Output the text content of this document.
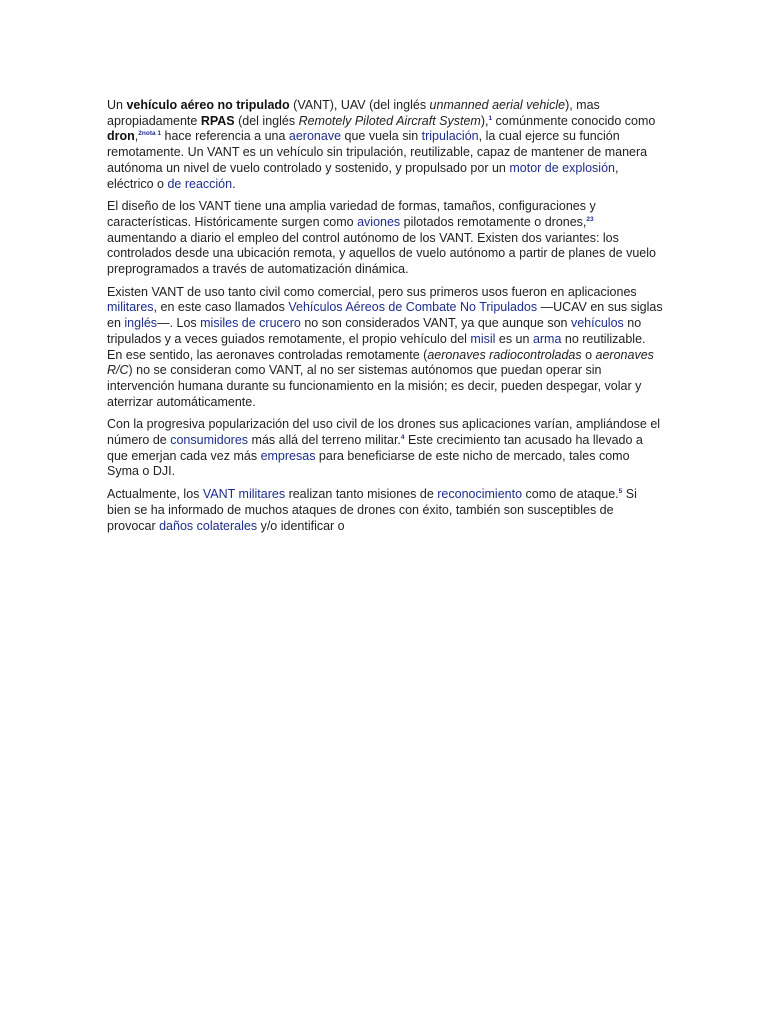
Un vehículo aéreo no tripulado (VANT), UAV (del inglés unmanned aerial vehicle), mas apropiadamente RPAS (del inglés Remotely Piloted Aircraft System),$^1$ comúnmente conocido como dron,$^{2nota 1}$ hace referencia a una aeronave que vuela sin tripulación, la cual ejerce su función remotamente. Un VANT es un vehículo sin tripulación, reutilizable, capaz de mantener de manera autónoma un nivel de vuelo controlado y sostenido, y propulsado por un motor de explosión, eléctrico o de reacción.

El diseño de los VANT tiene una amplia variedad de formas, tamaños, configuraciones y características. Históricamente surgen como aviones pilotados remotamente o drones,$^{23}$ aumentando a diario el empleo del control autónomo de los VANT. Existen dos variantes: los controlados desde una ubicación remota, y aquellos de vuelo autónomo a partir de planes de vuelo preprogramados a través de automatización dinámica.

Existen VANT de uso tanto civil como comercial, pero sus primeros usos fueron en aplicaciones militares, en este caso llamados Vehículos Aéreos de Combate No Tripulados —UCAV en sus siglas en inglés—. Los misiles de crucero no son considerados VANT, ya que aunque son vehículos no tripulados y a veces guiados remotamente, el propio vehículo del misil es un arma no reutilizable. En ese sentido, las aeronaves controladas remotamente (aeronaves radiocontroladas o aeronaves R/C) no se consideran como VANT, al no ser sistemas autónomos que puedan operar sin intervención humana durante su funcionamiento en la misión; es decir, pueden despegar, volar y aterrizar automáticamente.

Con la progresiva popularización del uso civil de los drones sus aplicaciones varían, ampliándose el número de consumidores más allá del terreno militar.$^4$ Este crecimiento tan acusado ha llevado a que emerjan cada vez más empresas para beneficiarse de este nicho de mercado, tales como Syma o DJI.

Actualmente, los VANT militares realizan tanto misiones de reconocimiento como de ataque.$^5$ Si bien se ha informado de muchos ataques de drones con éxito, también son susceptibles de provocar daños colaterales y/o identificar o
